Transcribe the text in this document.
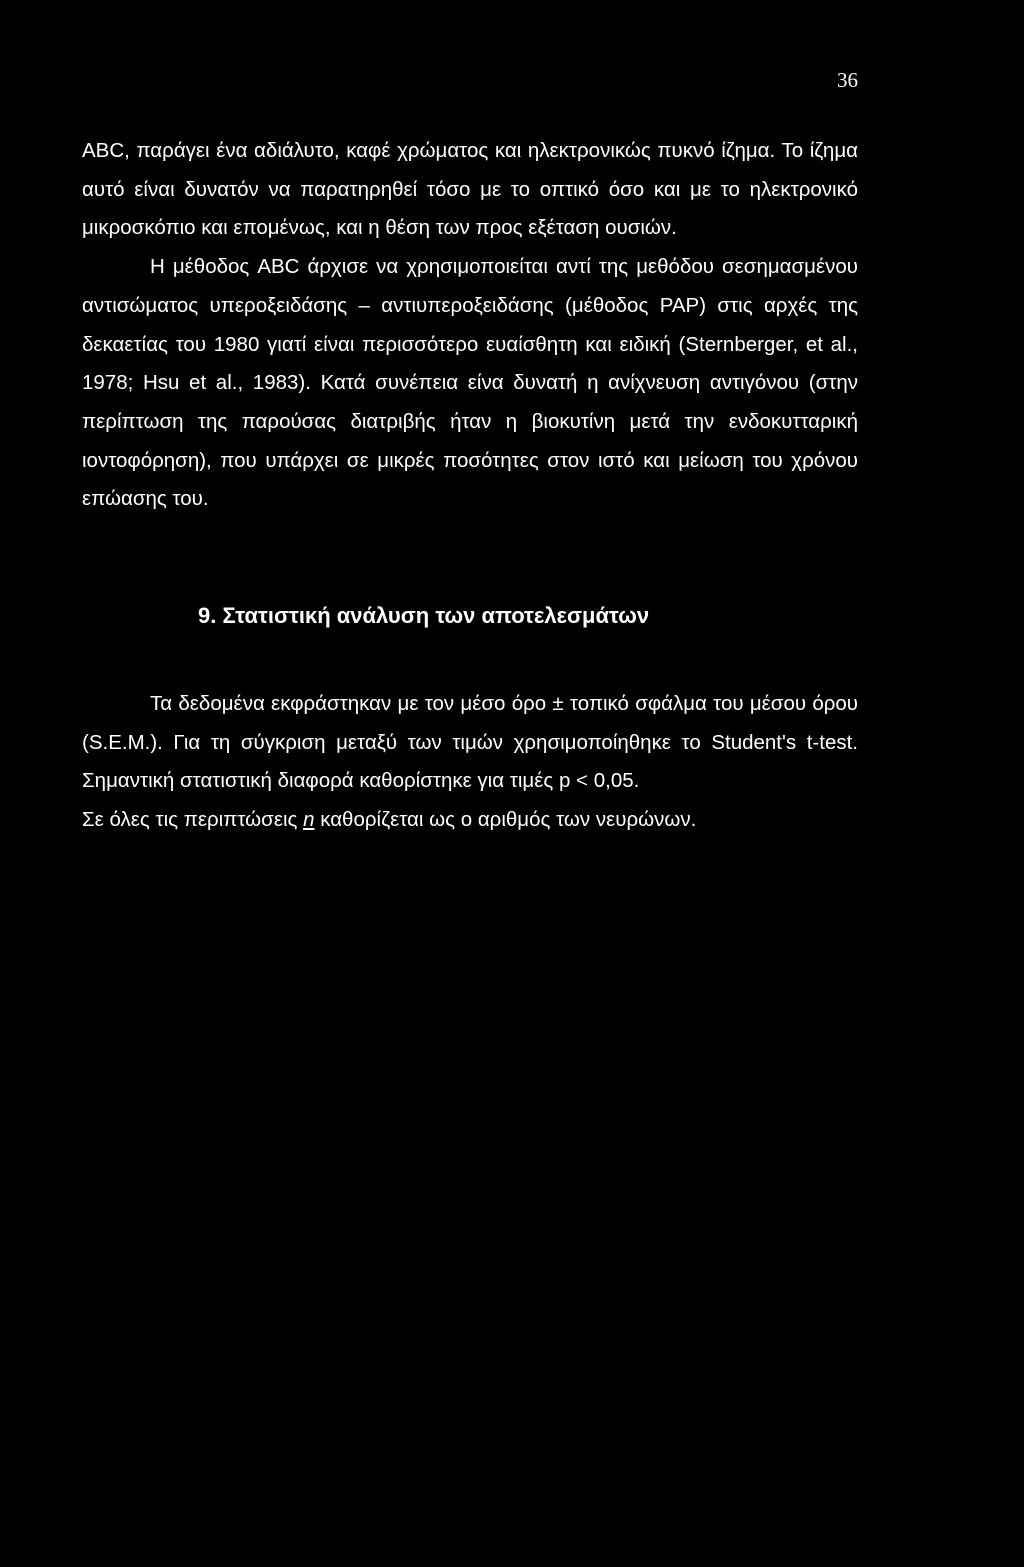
36

ABC, παράγει ένα αδιάλυτο, καφέ χρώματος και ηλεκτρονικώς πυκνό ίζημα. Το ίζημα αυτό είναι δυνατόν να παρατηρηθεί τόσο με το οπτικό όσο και με το ηλεκτρονικό μικροσκόπιο και επομένως, και η θέση των προς εξέταση ουσιών.

Η μέθοδος ABC άρχισε να χρησιμοποιείται αντί της μεθόδου σεσημασμένου αντισώματος υπεροξειδάσης – αντιυπεροξειδάσης (μέθοδος PAP) στις αρχές της δεκαετίας του 1980 γιατί είναι περισσότερο ευαίσθητη και ειδική (Sternberger, et al., 1978; Hsu et al., 1983). Κατά συνέπεια είνα δυνατή η ανίχνευση αντιγόνου (στην περίπτωση της παρούσας διατριβής ήταν η βιοκυτίνη μετά την ενδοκυτταρική ιοντοφόρηση), που υπάρχει σε μικρές ποσότητες στον ιστό και μείωση του χρόνου επώασης του.

9. Στατιστική ανάλυση των αποτελεσμάτων

Τα δεδομένα εκφράστηκαν με τον μέσο όρο ± τοπικό σφάλμα του μέσου όρου (S.E.M.). Για τη σύγκριση μεταξύ των τιμών χρησιμοποίηθηκε το Student's t-test. Σημαντική στατιστική διαφορά καθορίστηκε για τιμές p < 0,05.

Σε όλες τις περιπτώσεις n καθορίζεται ως ο αριθμός των νευρώνων.
